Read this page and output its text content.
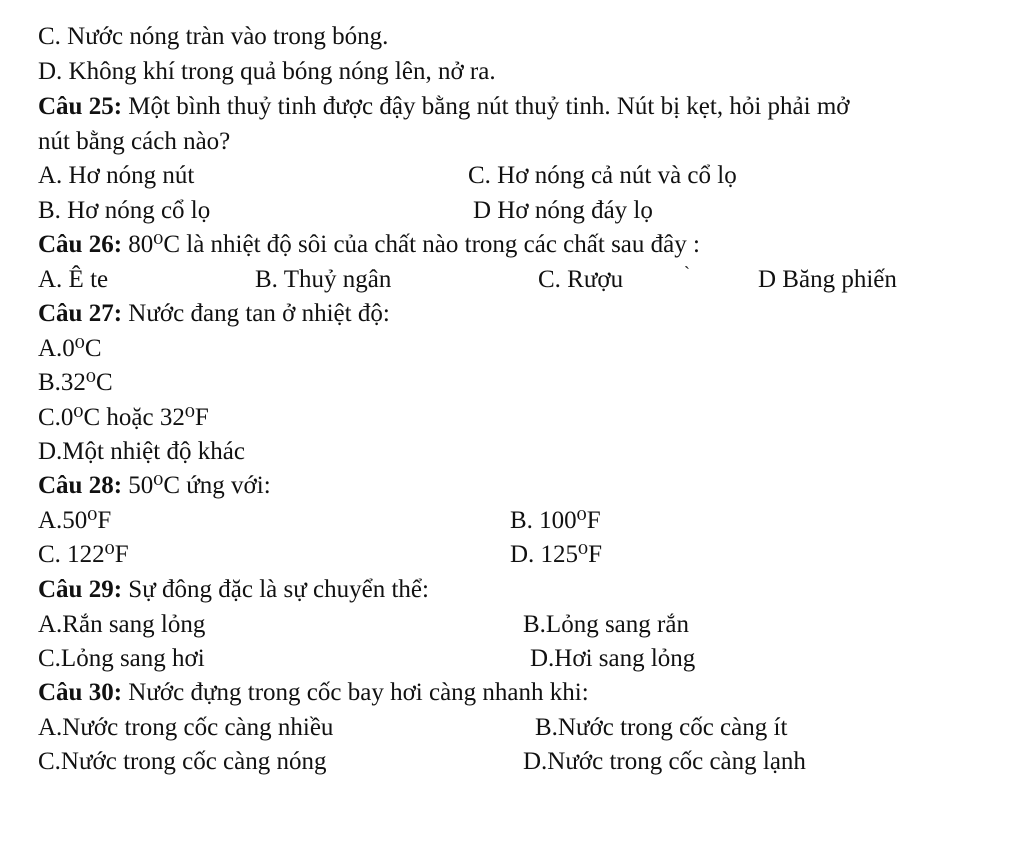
C. Nước nóng tràn vào trong bóng.
D. Không khí trong quả bóng nóng lên, nở ra.
Câu 25: Một bình thuỷ tinh được đậy bằng nút thuỷ tinh. Nút bị kẹt, hỏi phải mở
nút bằng cách nào?
A. Hơ nóng nút	C. Hơ nóng cả nút và cổ lọ
B. Hơ nóng cổ lọ	D Hơ nóng đáy lọ
Câu 26: 80⁰C là nhiệt độ sôi của chất nào trong các chất sau đây :
A. Ê te	B. Thuỷ ngân	C. Rượu	`	D Băng phiến
Câu 27: Nước đang tan ở nhiệt độ:
A.0⁰C
B.32⁰C
C.0⁰C hoặc 32⁰F
D.Một nhiệt độ khác
Câu 28: 50⁰C ứng với:
A.50⁰F	B. 100⁰F
C. 122⁰F	D. 125⁰F
Câu 29: Sự đông đặc là sự chuyển thể:
A.Rắn sang lỏng	B.Lỏng sang rắn
C.Lỏng sang hơi	D.Hơi sang lỏng
Câu 30: Nước đựng trong cốc bay hơi càng nhanh khi:
A.Nước trong cốc càng nhiều	B.Nước trong cốc càng ít
C.Nước trong cốc càng nóng	D.Nước trong cốc càng lạnh
